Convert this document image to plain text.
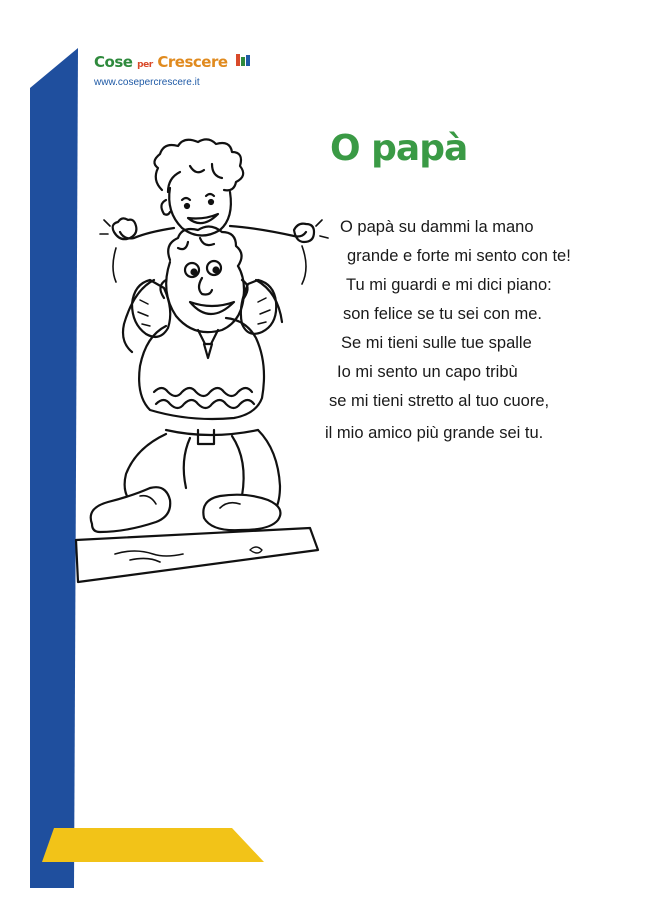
Cose per Crescere
www.cosepercrescere.it
O papà
O papà su dammi la mano
grande e forte mi sento con te!
Tu mi guardi e mi dici piano:
son felice se tu sei con me.
Se mi tieni sulle tue spalle
Io mi sento un capo tribù
se mi tieni stretto al tuo cuore,
il mio amico più grande sei tu.
